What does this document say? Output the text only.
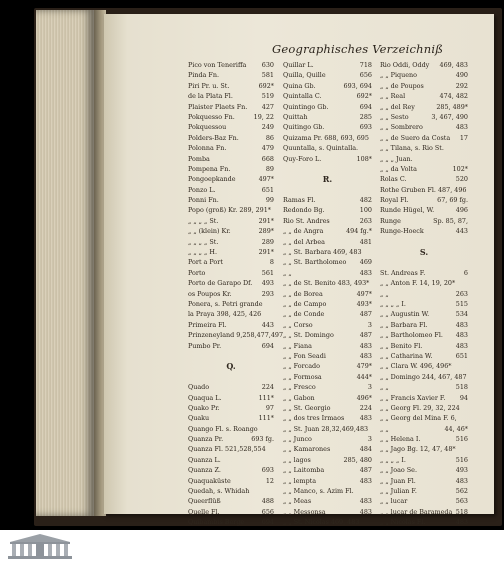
Geographisches Verzeichniß
Pico von Teneriffa 630
Pinda Fn.	581
Piri Pr. u. St.	692*
de la Plata Fl.	519
Plaister Plaets Fn. 427
Pokquesso Fn.	19, 22
Pokquessou	249
Polders-Baz Fn.	86
Polonna Fn.	479
Pomba	668
Pompena Fn.	89
Pongoepkande	497*
Ponzo L.	651
Ponni Fn.	99
Popo (groß) Kr. 289, 291*
„ „ „ „ St.	291*
„ „ (klein) Kr.	289*
„ „ „ „ St.	289
„ „ „ „ H.	291*
Port a Port	8
Porto	561
Porto de Garapo Df. 493
os Poupos Kr.	293
Ponera, s. Petri grande
la Praya 398, 425, 426
Primeira Fl.	443
Prinzeneyland 9,258,477,497
Pumbo Pr.	694
Q.
Quado	224
Quaqua L.	111*
Quako Pr.	97
Quaku	111*
Quango Fl. s. Roango
Quanza Pr.	693 fg.
Quanza Fl. 521,528,554
Quanza L.
Quanza Z.	693
Quaquaküste	12
Quedah, s. Whidah
Queerflüß	488
Quelle Fl.	656
Quibambis Berge	694
Quillar L.	718
Quilla, Quille	656
Quina Gb.	693, 694
Quintalla C.	692*
Quintingo Gb.	694
Quittah	285
Quitingo Gb.	693
Quizama Pr. 688, 693, 695
Quuntalla, s. Quintalla.
Quy-Foro L.	108*
R.
Ramas Fl.	482
Redondo Bg.	100
Rio St. Andres	263
„ „ de Angra	494 fg.*
„ „ del Arbea	481
„ „ St. Barbara 469, 483
„ „ St. Bartholomeo 469
„ „	483
„ „ de St. Benito 483, 493*
„ „ de Borea	497*
„ „ de Campo	493*
„ „ de Conde	487
„ „ Corso	3
„ „ St. Domingo	487
„ „ Fiana	483
„ „ Fon Seadi	483
„ „ Forcado	479*
„ „ Formosa	444*
„ „ Fresco	3
„ „ Gabon	496*
„ „ St. Georgio	224
„ „ dos tres Irmaos 483
„ „ St. Juan 28,32,469,483
„ „ Junco	3
„ „ Kamarones	484
„ „ lagos	285, 480
„ „ Laitomba	487
„ „ lempta	483
„ „ Manco, s. Azim Fl.
„ „ Meas	483
„ „ Messonsa	483
„ „ St. Nicolas 469, 483
Rio Oddi, Oddy 469, 483
„ „ Piqueno	490
„ „ de Poupos	292
„ „ Real	474, 482
„ „ del Rey	285, 489*
„ „ Sesto	3, 467, 490
„ „ Sombrero	483
„ „ de Suero da Costa 17
„ „ Tilana, s. Rio St.
„ „ „ Juan.
„ „ da Volta	102*
Rolas C.	520
Rothe Gruben Fl. 487, 496
Royal Fl.	67, 69 fg.
Runde Hügel, W.	496
Runge	Sp. 85, 87,
Runge-Hoeck	443
S.
St. Andreas F.	6
„ „ Anton F. 14, 19, 20*
„ „	263
„ „ „ „ I.	515
„ „ Augustin W.	534
„ „ Barbara Fl.	483
„ „ Bartholomeo Fl. 483
„ „ Benito Fl.	483
„ „ Catharina W.	651
„ „ Clara W. 496, 496*
„ „ Domingo 244, 467, 487
„ „	518
„ „ Francis Xavier F. 94
„ „ Georg Fl. 29, 32, 224
„ „ Georg del Mina F. 6,
„ „	44, 46*
„ „ Helena I.	516
„ „ Jago Bg. 12, 47, 48*
„ „ „ „ I.	516
„ „ Joao Se.	493
„ „ Juan Fl.	483
„ „ Julian F.	562
„ „ lucar	563
„ „ lucar de Barameda 518
„ „ Nicolas Fl.	483
